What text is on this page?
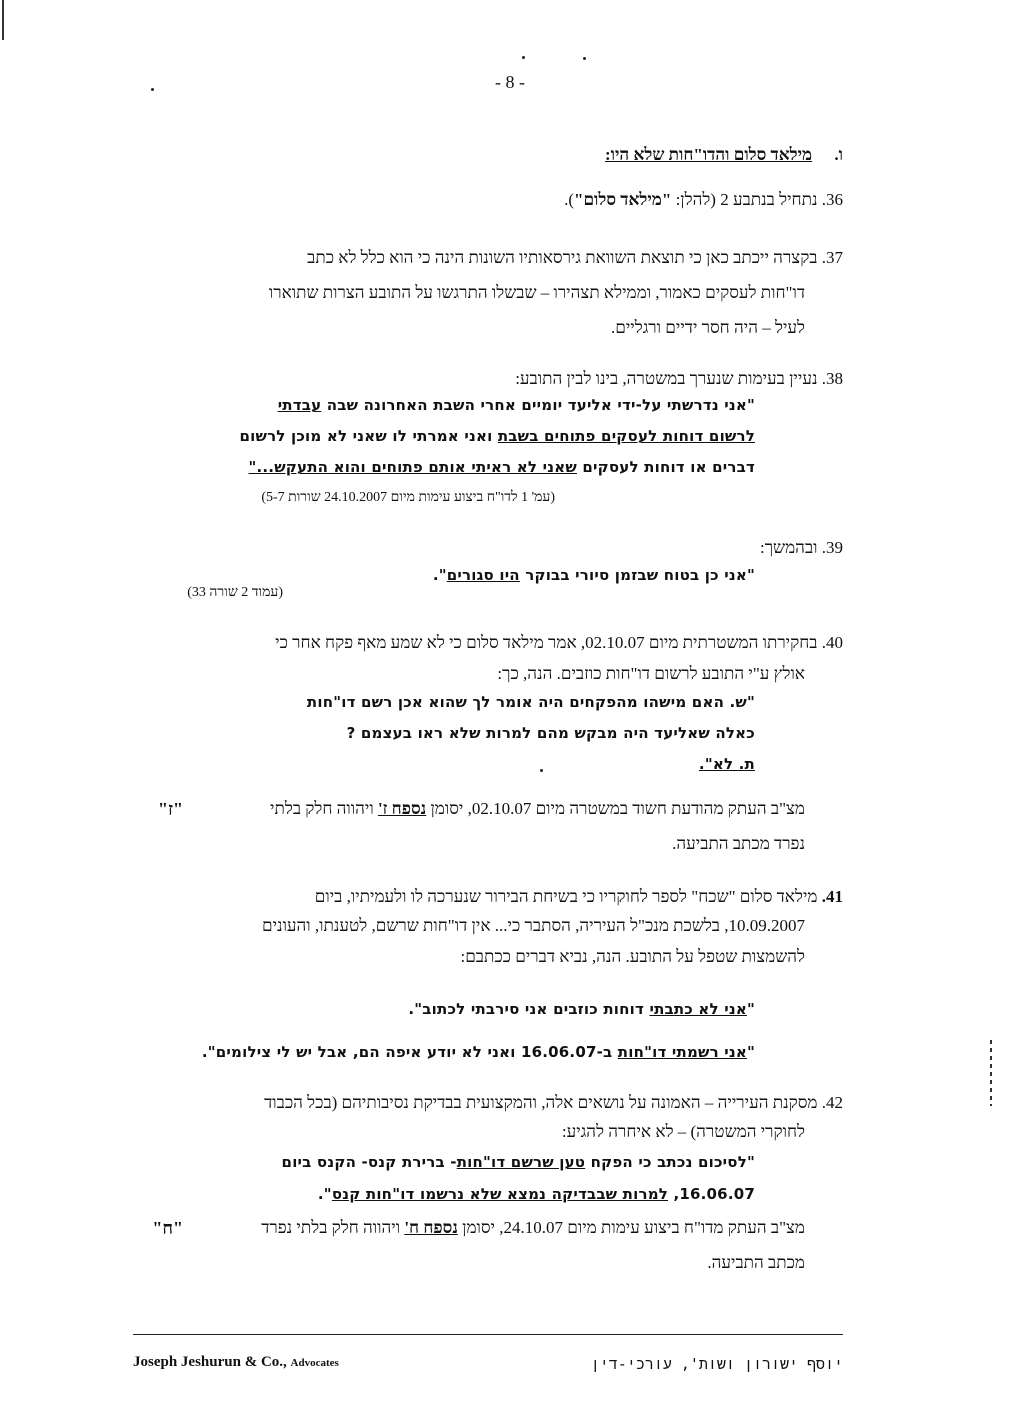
- 8 -
ו. מילאד סלום והדו"חות שלא היו:
36. נתחיל בנתבע 2 (להלן: "מילאד סלום").
37. בקצרה ייכתב כאן כי תוצאת השוואת גירסאותיו השונות הינה כי הוא כלל לא כתב
דו"חות לעסקים כאמור, וממילא תצהירו – שבשלו התרגשו על התובע הצרות שתוארו
לעיל – היה חסר ידיים ורגליים.
38. נעיין בעימות שנערך במשטרה, בינו לבין התובע:
"אני נדרשתי על-ידי אליעד יומיים אחרי השבת האחרונה שבה עבדתי
לרשום דוחות לעסקים פתוחים בשבת ואני אמרתי לו שאני לא מוכן לרשום
דברים או דוחות לעסקים שאני לא ראיתי אותם פתוחים והוא התעקש..."
(עמ' 1 לדו"ח ביצוע עימות מיום 24.10.2007 שורות 5-7)
39. ובהמשך:
"אני כן בטוח שבזמן סיורי בבוקר היו סגורים".
(עמוד 2 שורה 33)
40. בחקירתו המשטרתית מיום 02.10.07, אמר מילאד סלום כי לא שמע מאף פקח אחר כי
אולץ ע"י התובע לרשום דו"חות כוזבים. הנה, כך:
"ש. האם מישהו מהפקחים היה אומר לך שהוא אכן רשם דו"חות
כאלה שאליעד היה מבקש מהם למרות שלא ראו בעצמם ?
ת. לא".
"ז"	מצ"ב העתק מהודעת חשוד במשטרה מיום 02.10.07, יסומן נספח ז' ויהווה חלק בלתי
נפרד מכתב התביעה.
41. מילאד סלום "שכח" לספר לחוקריו כי בשיחת הבירור שנערכה לו ולעמיתיו, ביום
10.09.2007, בלשכת מנכ"ל העיריה, הסתבר כי... אין דו"חות שרשם, לטענתו, והעונים
להשמצות שטפל על התובע. הנה, נביא דברים ככתבם:
"אני לא כתבתי דוחות כוזבים אני סירבתי לכתוב".
"אני רשמתי דו"חות ב-16.06.07 ואני לא יודע איפה הם, אבל יש לי צילומים".
42. מסקנת העירייה – האמונה על נושאים אלה, והמקצועית בבדיקת נסיבותיהם (בכל הכבוד
לחוקרי המשטרה) – לא איחרה להגיע:
"לסיכום נכתב כי הפקח טען שרשם דו"חות- ברירת קנס- הקנס ביום
16.06.07, למרות שבבדיקה נמצא שלא נרשמו דו"חות קנס".
"ח"	מצ"ב העתק מדו"ח ביצוע עימות מיום 24.10.07, יסומן נספח ח' ויהווה חלק בלתי נפרד
מכתב התביעה.
Joseph Jeshurun & Co., Advocates	יוסף ישורון ושות', עורכי-דין
